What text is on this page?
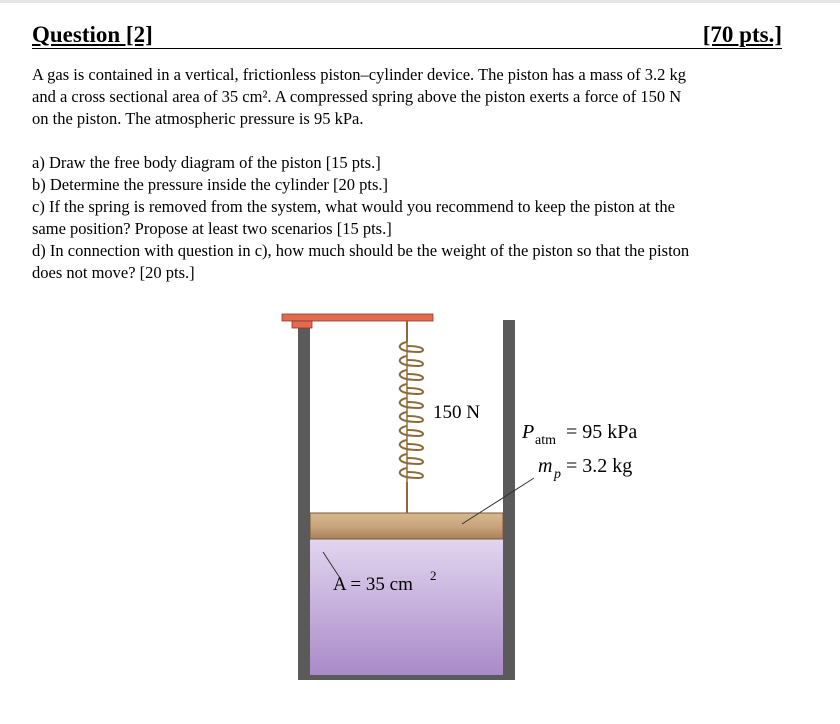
Question [2]	[70 pts.]
A gas is contained in a vertical, frictionless piston–cylinder device. The piston has a mass of 3.2 kg
and a cross sectional area of 35 cm². A compressed spring above the piston exerts a force of 150 N
on the piston. The atmospheric pressure is 95 kPa.
a) Draw the free body diagram of the piston [15 pts.]
b) Determine the pressure inside the cylinder [20 pts.]
c) If the spring is removed from the system, what would you recommend to keep the piston at the
same position? Propose at least two scenarios [15 pts.]
d) In connection with question in c), how much should be the weight of the piston so that the piston
does not move? [20 pts.]
150 N
P atm = 95 kPa
m p = 3.2 kg
A = 35 cm 2
